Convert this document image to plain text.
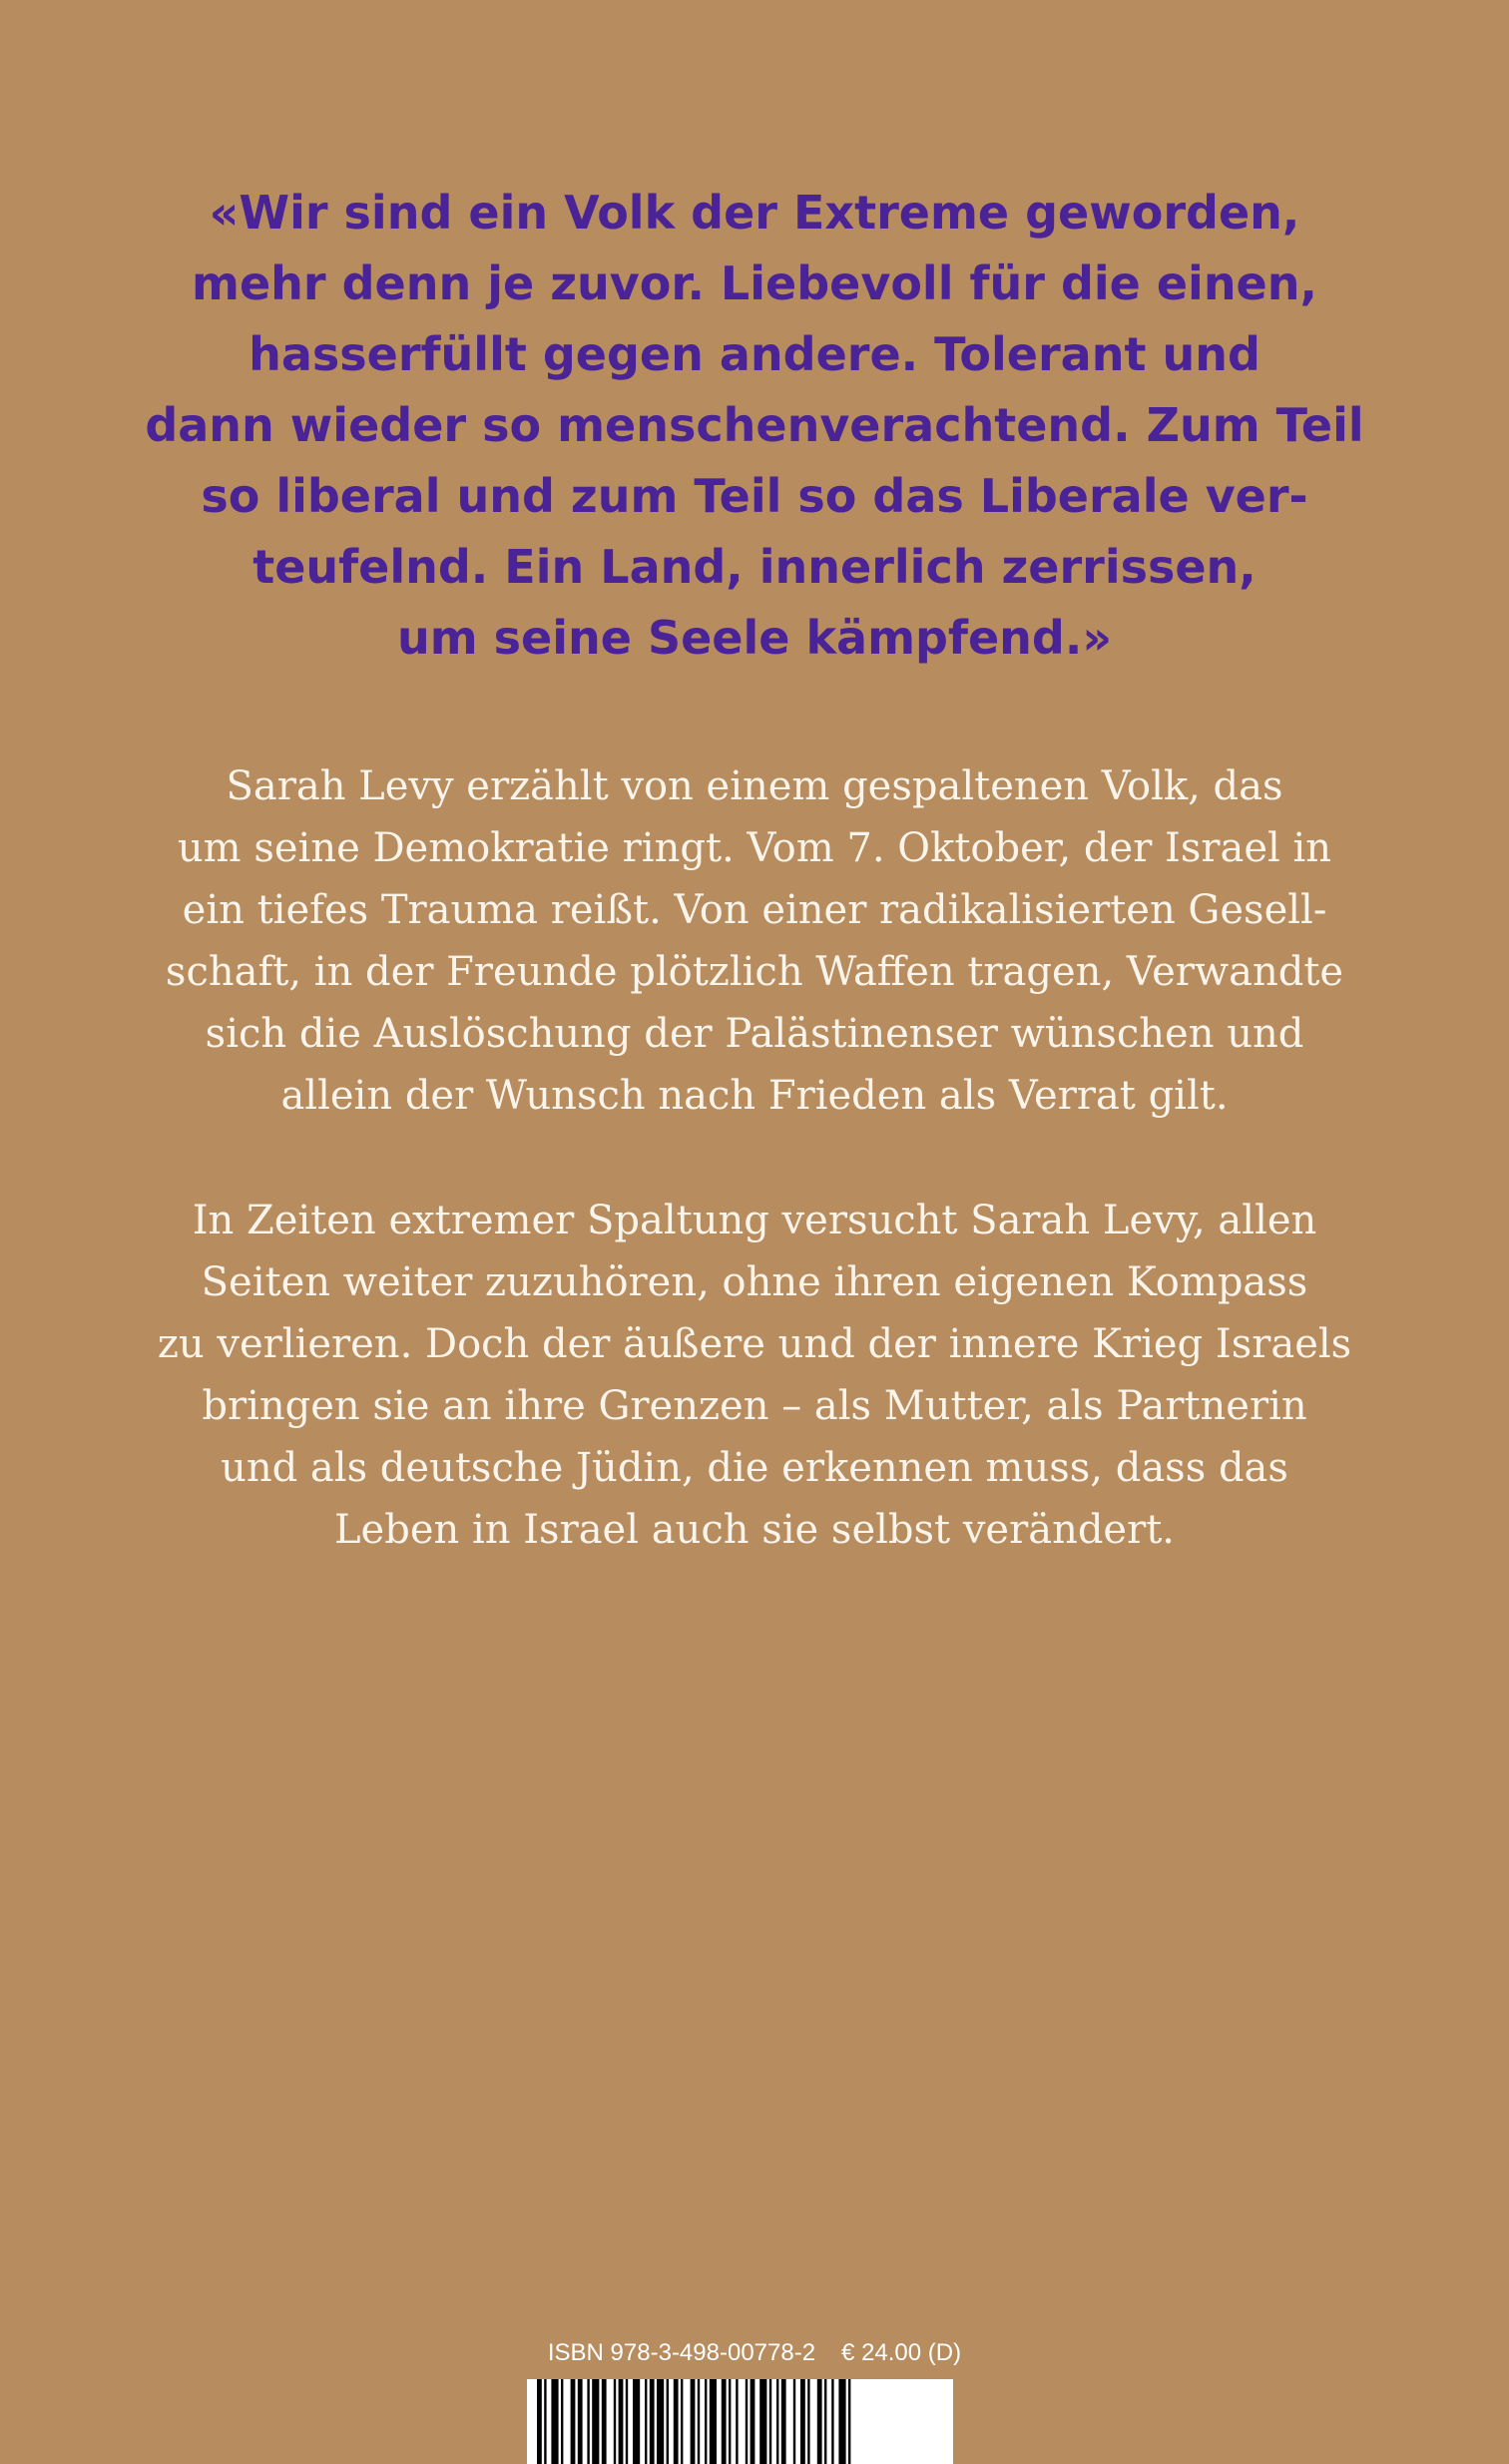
«Wir sind ein Volk der Extreme geworden,
mehr denn je zuvor. Liebevoll für die einen,
hasserfüllt gegen andere. Tolerant und
dann wieder so menschenverachtend. Zum Teil
so liberal und zum Teil so das Liberale ver-
teufelnd. Ein Land, innerlich zerrissen,
um seine Seele kämpfend.»

Sarah Levy erzählt von einem gespaltenen Volk, das
um seine Demokratie ringt. Vom 7. Oktober, der Israel in
ein tiefes Trauma reißt. Von einer radikalisierten Gesell-
schaft, in der Freunde plötzlich Waffen tragen, Verwandte
sich die Auslöschung der Palästinenser wünschen und
allein der Wunsch nach Frieden als Verrat gilt.

In Zeiten extremer Spaltung versucht Sarah Levy, allen
Seiten weiter zuzuhören, ohne ihren eigenen Kompass
zu verlieren. Doch der äußere und der innere Krieg Israels
bringen sie an ihre Grenzen – als Mutter, als Partnerin
und als deutsche Jüdin, die erkennen muss, dass das
Leben in Israel auch sie selbst verändert.

ISBN 978-3-498-00778-2 € 24.00 (D)
